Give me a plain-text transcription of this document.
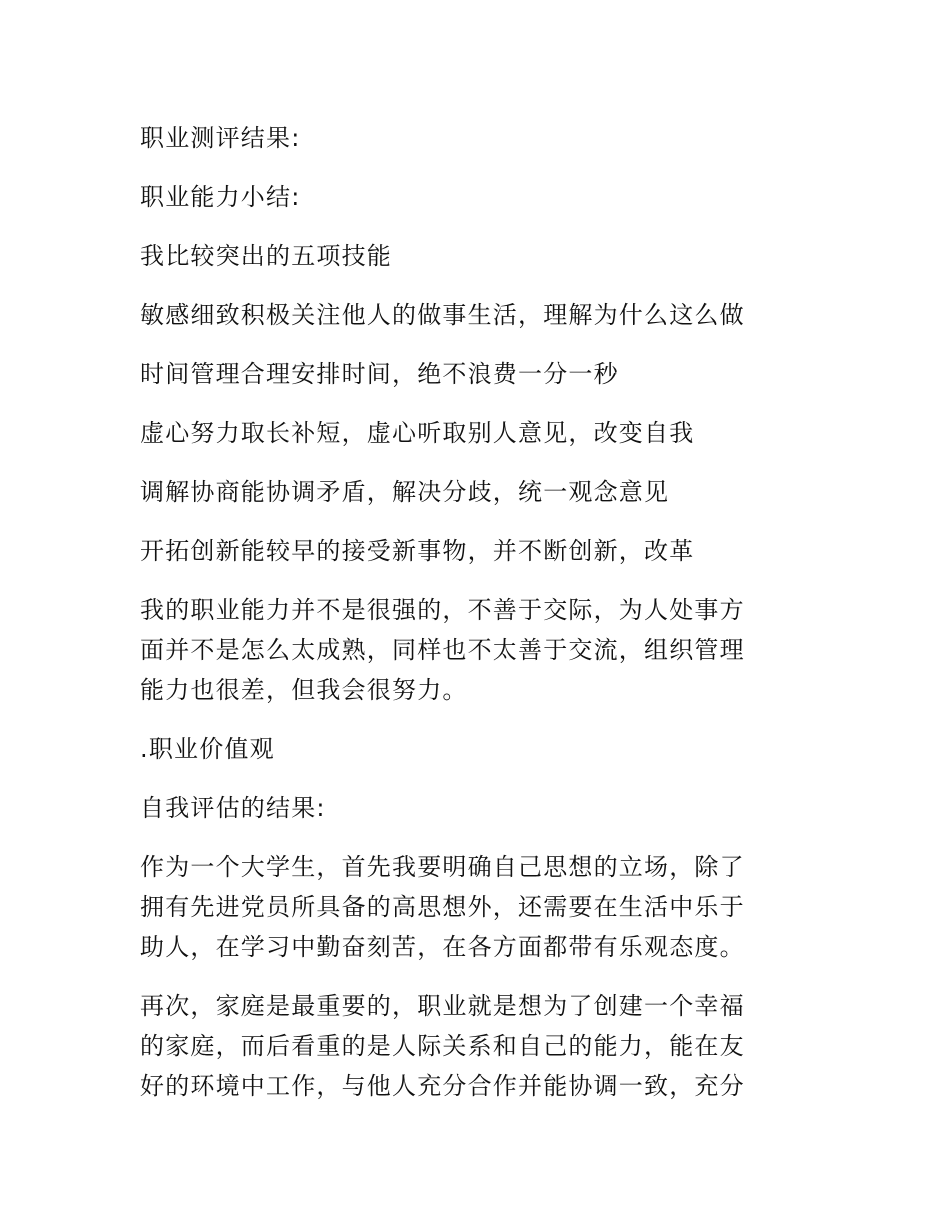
职业测评结果:

职业能力小结:

我比较突出的五项技能

敏感细致积极关注他人的做事生活，理解为什么这么做

时间管理合理安排时间，绝不浪费一分一秒

虚心努力取长补短，虚心听取别人意见，改变自我

调解协商能协调矛盾，解决分歧，统一观念意见

开拓创新能较早的接受新事物，并不断创新，改革

我的职业能力并不是很强的，不善于交际，为人处事方
面并不是怎么太成熟，同样也不太善于交流，组织管理
能力也很差，但我会很努力。

.职业价值观

自我评估的结果:

作为一个大学生，首先我要明确自己思想的立场，除了
拥有先进党员所具备的高思想外，还需要在生活中乐于
助人，在学习中勤奋刻苦，在各方面都带有乐观态度。

再次，家庭是最重要的，职业就是想为了创建一个幸福
的家庭，而后看重的是人际关系和自己的能力，能在友
好的环境中工作，与他人充分合作并能协调一致，充分
